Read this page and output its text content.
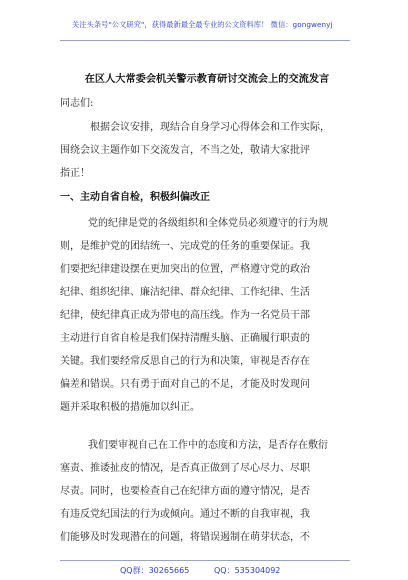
关注头条号"公文研究"，获得最新最全最专业的公文资料库！ 微信：gongwenyj
在区人大常委会机关警示教育研讨交流会上的交流发言
同志们:
根据会议安排，现结合自身学习心得体会和工作实际，
围绕会议主题作如下交流发言，不当之处，敬请大家批评
指正！
一、主动自省自检，积极纠偏改正
党的纪律是党的各级组织和全体党员必须遵守的行为规
则，是维护党的团结统一、完成党的任务的重要保证。我
们要把纪律建设摆在更加突出的位置，严格遵守党的政治
纪律、组织纪律、廉洁纪律、群众纪律、工作纪律、生活
纪律，使纪律真正成为带电的高压线。作为一名党员干部
主动进行自省自检是我们保持清醒头脑、正确履行职责的
关键。我们要经常反思自己的行为和决策，审视是否存在
偏差和错误。只有勇于面对自己的不足，才能及时发现问
题并采取积极的措施加以纠正。
我们要审视自己在工作中的态度和方法，是否存在敷衍
塞责、推诿扯皮的情况，是否真正做到了尽心尽力、尽职
尽责。同时，也要检查自己在纪律方面的遵守情况，是否
有违反党纪国法的行为或倾向。通过不断的自我审视，我
们能够及时发现潜在的问题，将错误遏制在萌芽状态，不
QQ群：30265665	QQ：535304092
